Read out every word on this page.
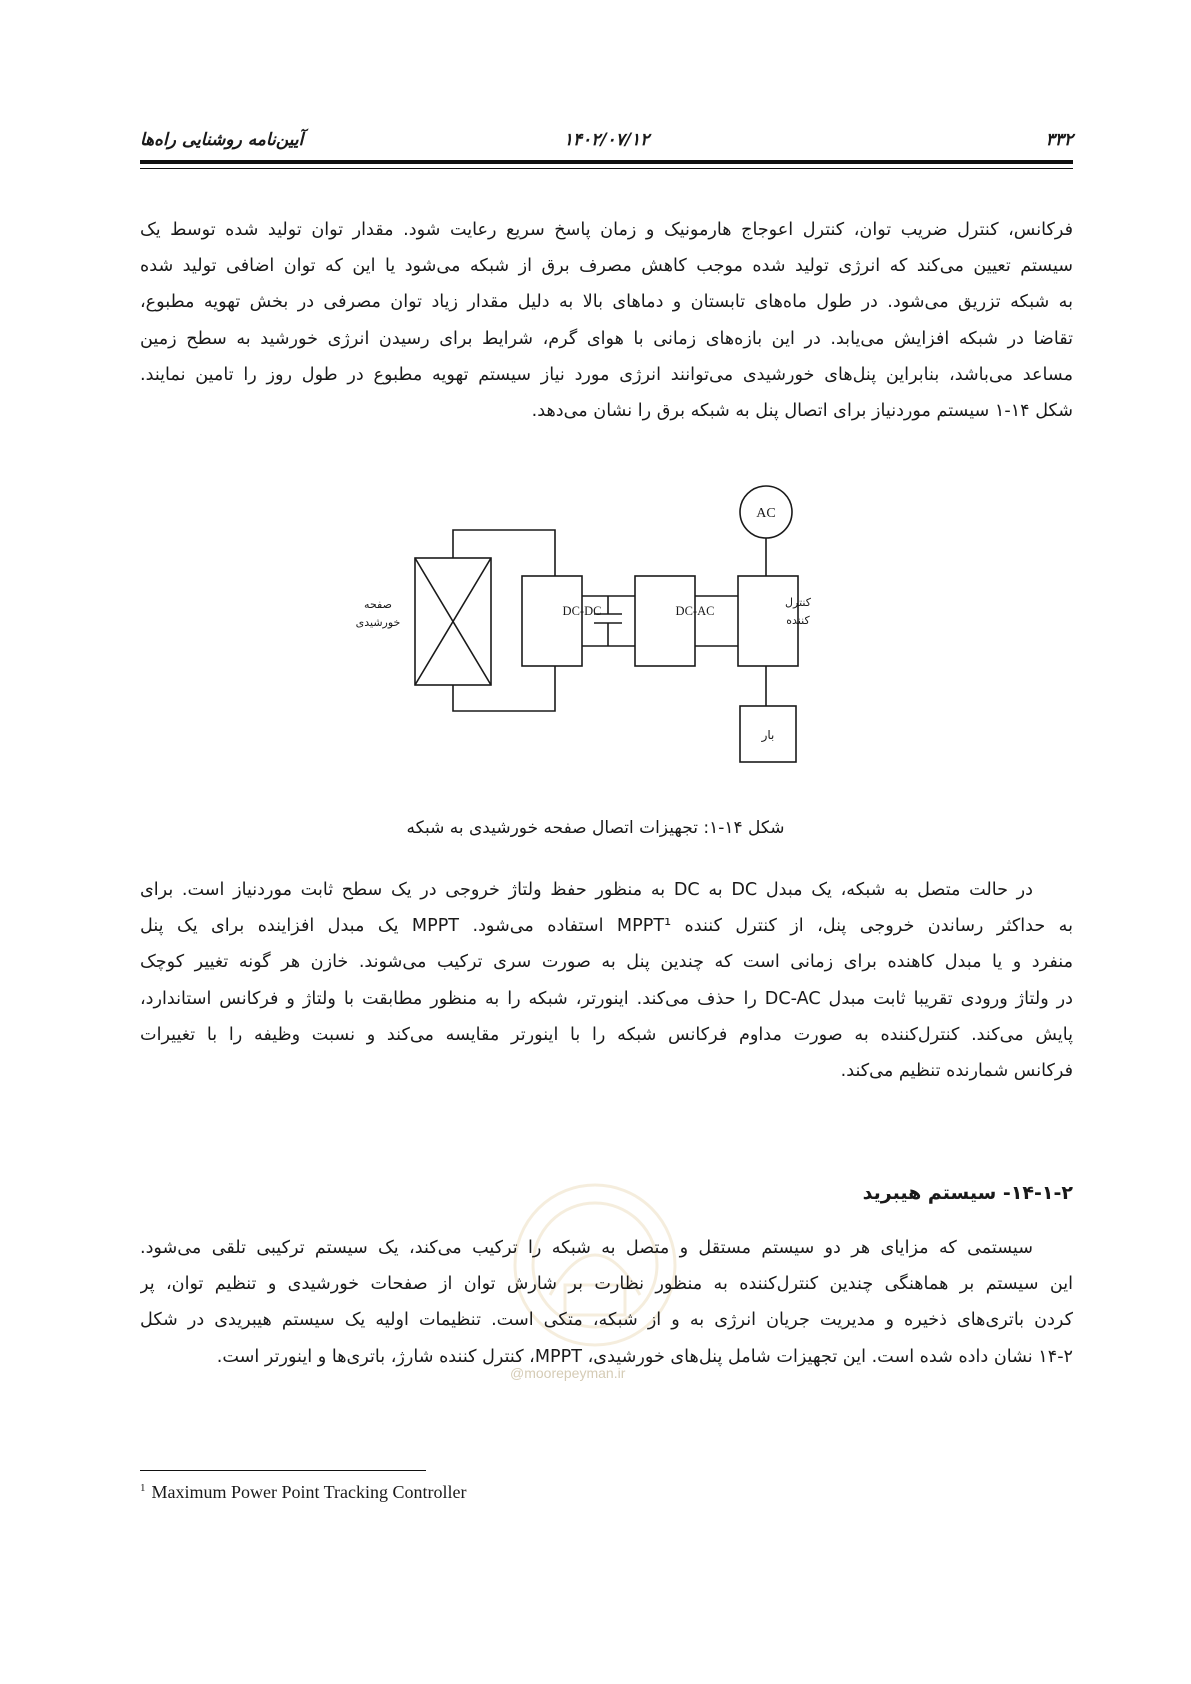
۳۳۲
۱۴۰۲/۰۷/۱۲
آیین‌نامه روشنایی راه‌ها
فرکانس، کنترل ضریب توان، کنترل اعوجاج هارمونیک و زمان پاسخ سریع رعایت شود. مقدار توان تولید شده توسط یک
سیستم تعیین می‌کند که انرژی تولید شده موجب کاهش مصرف برق از شبکه می‌شود یا این که توان اضافی تولید شده
به شبکه تزریق می‌شود. در طول ماه‌های تابستان و دماهای بالا به دلیل مقدار زیاد توان مصرفی در بخش تهویه مطبوع،
تقاضا در شبکه افزایش می‌یابد. در این بازه‌های زمانی با هوای گرم، شرایط برای رسیدن انرژی خورشید به سطح زمین
مساعد می‌باشد، بنابراین پنل‌های خورشیدی می‌توانند انرژی مورد نیاز سیستم تهویه مطبوع در طول روز را تامین نمایند.
شکل ۱۴-۱ سیستم موردنیاز برای اتصال پنل به شبکه برق را نشان می‌دهد.
AC
DC-DC	DC-AC
کنترل
کننده
بار
صفحه
خورشیدی
شکل ۱۴-۱: تجهیزات اتصال صفحه خورشیدی به شبکه
در حالت متصل به شبکه، یک مبدل DC به DC به منظور حفظ ولتاژ خروجی در یک سطح ثابت موردنیاز است. برای
به حداکثر رساندن خروجی پنل، از کنترل کننده MPPT¹ استفاده می‌شود. MPPT یک مبدل افزاینده برای یک پنل
منفرد و یا مبدل کاهنده برای زمانی است که چندین پنل به صورت سری ترکیب می‌شوند. خازن هر گونه تغییر کوچک
در ولتاژ ورودی تقریبا ثابت مبدل DC-AC را حذف می‌کند. اینورتر، شبکه را به منظور مطابقت با ولتاژ و فرکانس استاندارد،
پایش می‌کند. کنترل‌کننده به صورت مداوم فرکانس شبکه را با اینورتر مقایسه می‌کند و نسبت وظیفه را با تغییرات
فرکانس شمارنده تنظیم می‌کند.
۱۴-۱-۲- سیستم هیبرید
سیستمی که مزایای هر دو سیستم مستقل و متصل به شبکه را ترکیب می‌کند، یک سیستم ترکیبی تلقی می‌شود.
این سیستم بر هماهنگی چندین کنترل‌کننده به منظور نظارت بر شارش توان از صفحات خورشیدی و تنظیم توان، پر
کردن باتری‌های ذخیره و مدیریت جریان انرژی به و از شبکه، متکی است. تنظیمات اولیه یک سیستم هیبریدی در شکل
۱۴-۲ نشان داده شده است. این تجهیزات شامل پنل‌های خورشیدی، MPPT، کنترل کننده شارژ، باتری‌ها و اینورتر است.
@moorepeyman.ir
$^1$ Maximum Power Point Tracking Controller
